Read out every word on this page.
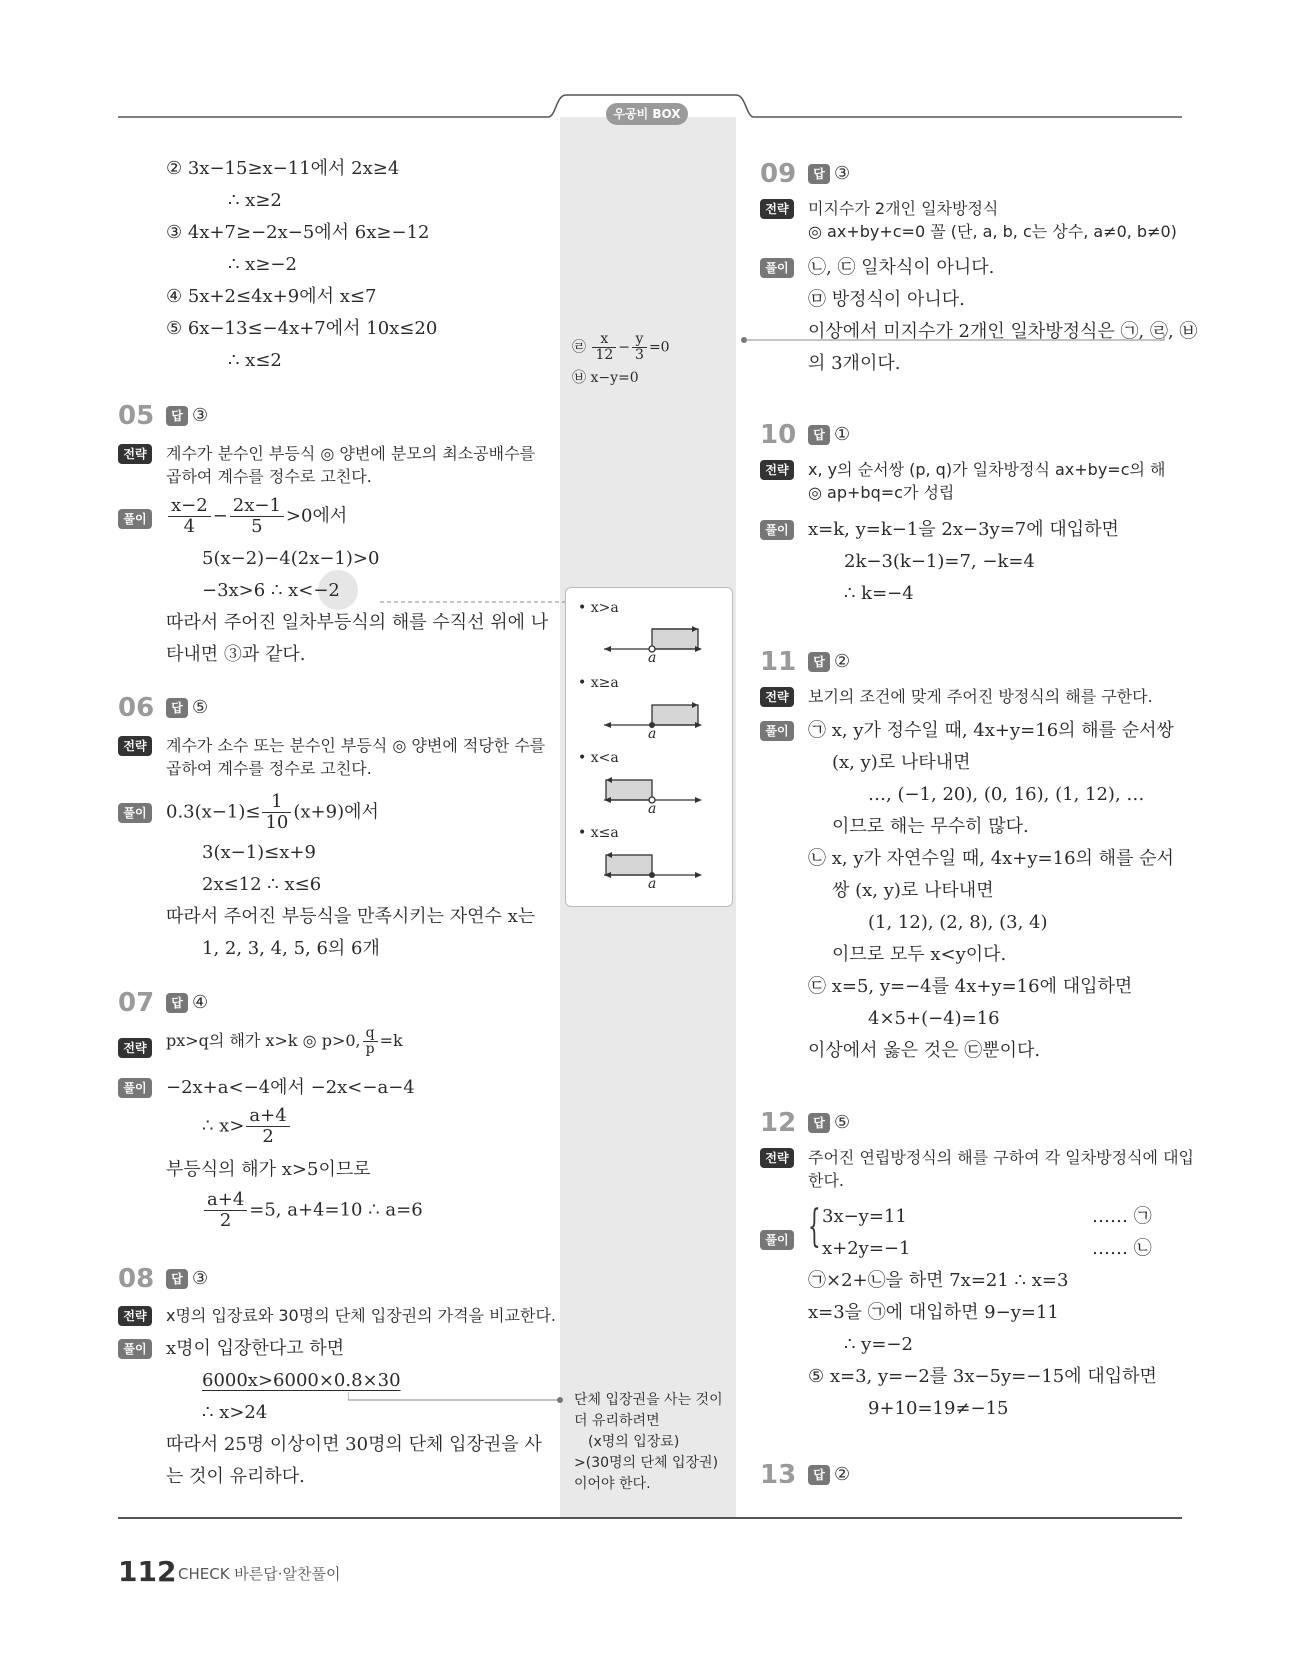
우공비 BOX
② 3x−15≥x−11에서 2x≥4
∴ x≥2
③ 4x+7≥−2x−5에서 6x≥−12
∴ x≥−2
④ 5x+2≤4x+9에서 x≤7
⑤ 6x−13≤−4x+7에서 10x≤20
∴ x≤2
05	답 ③
전략	계수가 분수인 부등식 ◎ 양변에 분모의 최소공배수를
곱하여 계수를 정수로 고친다.
풀이	$\frac{x-2}{4} - \frac{2x-1}{5} >0$에서
5(x−2)−4(2x−1)>0
−3x>6 ∴ x<−2
따라서 주어진 일차부등식의 해를 수직선 위에 나
타내면 ③과 같다.
06	답 ⑤
전략	계수가 소수 또는 분수인 부등식 ◎ 양변에 적당한 수를
곱하여 계수를 정수로 고친다.
풀이	$0.3(x-1)\le \frac{1}{10} (x+9)$에서
3(x−1)≤x+9
2x≤12 ∴ x≤6
따라서 주어진 부등식을 만족시키는 자연수 x는
1, 2, 3, 4, 5, 6의 6개
07	답 ④
전략	px>q의 해가 x>k ◎ p>0, $\frac{q}{p} =k$
풀이	−2x+a<−4에서 −2x<−a−4
∴ $x> \frac{a+4}{2}$
부등식의 해가 x>5이므로
$\frac{a+4}{2} =5$, a+4=10 ∴ a=6
08	답 ③
전략	x명의 입장료와 30명의 단체 입장권의 가격을 비교한다.
풀이	x명이 입장한다고 하면
6000x>6000×0.8×30
∴ x>24
따라서 25명 이상이면 30명의 단체 입장권을 사
는 것이 유리하다.
㉣ $\frac{x}{12} - \frac{y}{3} =0$
㉥ x−y=0
• x>a
a
• x≥a
a
• x<a
a
• x≤a
a
단체 입장권을 사는 것이
더 유리하려면
(x명의 입장료)
>(30명의 단체 입장권)
이어야 한다.
09	답 ③
전략	미지수가 2개인 일차방정식
◎ ax+by+c=0 꼴 (단, a, b, c는 상수, a≠0, b≠0)
풀이	㉡, ㉢ 일차식이 아니다.
㉤ 방정식이 아니다.
이상에서 미지수가 2개인 일차방정식은 ㉠, ㉣, ㉥
의 3개이다.
10	답 ①
전략	x, y의 순서쌍 (p, q)가 일차방정식 ax+by=c의 해
◎ ap+bq=c가 성립
풀이	x=k, y=k−1을 2x−3y=7에 대입하면
2k−3(k−1)=7, −k=4
∴ k=−4
11	답 ②
전략	보기의 조건에 맞게 주어진 방정식의 해를 구한다.
풀이	㉠ x, y가 정수일 때, 4x+y=16의 해를 순서쌍
(x, y)로 나타내면
…, (−1, 20), (0, 16), (1, 12), …
이므로 해는 무수히 많다.
㉡ x, y가 자연수일 때, 4x+y=16의 해를 순서
쌍 (x, y)로 나타내면
(1, 12), (2, 8), (3, 4)
이므로 모두 x<y이다.
㉢ x=5, y=−4를 4x+y=16에 대입하면
4×5+(−4)=16
이상에서 옳은 것은 ㉢뿐이다.
12	답 ⑤
전략	주어진 연립방정식의 해를 구하여 각 일차방정식에 대입
한다.
풀이 { 3x−y=11	…… ㉠
x+2y=−1	…… ㉡
㉠×2+㉡을 하면 7x=21 ∴ x=3
x=3을 ㉠에 대입하면 9−y=11
∴ y=−2
⑤ x=3, y=−2를 3x−5y=−15에 대입하면
9+10=19≠−15
13	답 ②
112 CHECK 바른답·알찬풀이
